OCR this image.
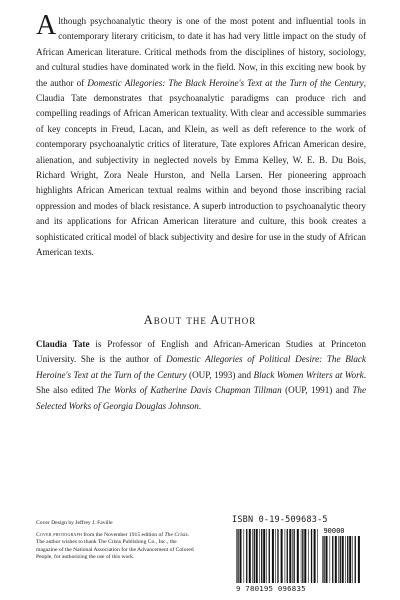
Although psychoanalytic theory is one of the most potent and influential tools in contemporary literary criticism, to date it has had very little impact on the study of African American literature. Critical methods from the disciplines of history, sociology, and cultural studies have dominated work in the field. Now, in this exciting new book by the author of Domestic Allegories: The Black Heroine's Text at the Turn of the Century, Claudia Tate demonstrates that psychoanalytic paradigms can produce rich and compelling readings of African American textuality. With clear and accessible summaries of key concepts in Freud, Lacan, and Klein, as well as deft reference to the work of contemporary psychoanalytic critics of literature, Tate explores African American desire, alienation, and subjectivity in neglected novels by Emma Kelley, W. E. B. Du Bois, Richard Wright, Zora Neale Hurston, and Nella Larsen. Her pioneering approach highlights African American textual realms within and beyond those inscribing racial oppression and modes of black resistance. A superb introduction to psychoanalytic theory and its applications for African American literature and culture, this book creates a sophisticated critical model of black subjectivity and desire for use in the study of African American texts.

About the Author

Claudia Tate is Professor of English and African-American Studies at Princeton University. She is the author of Domestic Allegories of Political Desire: The Black Heroine's Text at the Turn of the Century (OUP, 1993) and Black Women Writers at Work. She also edited The Works of Katherine Davis Chapman Tillman (OUP, 1991) and The Selected Works of Georgia Douglas Johnson.

Cover Design by Jeffrey J. Faville

Cover photograph from the November 1915 edition of The Crisis. The author wishes to thank The Crisis Publishing Co., Inc., the magazine of the National Association for the Advancement of Colored People, for authorizing the use of this work.

ISBN 0-19-509683-5
90000
9 780195 096835
